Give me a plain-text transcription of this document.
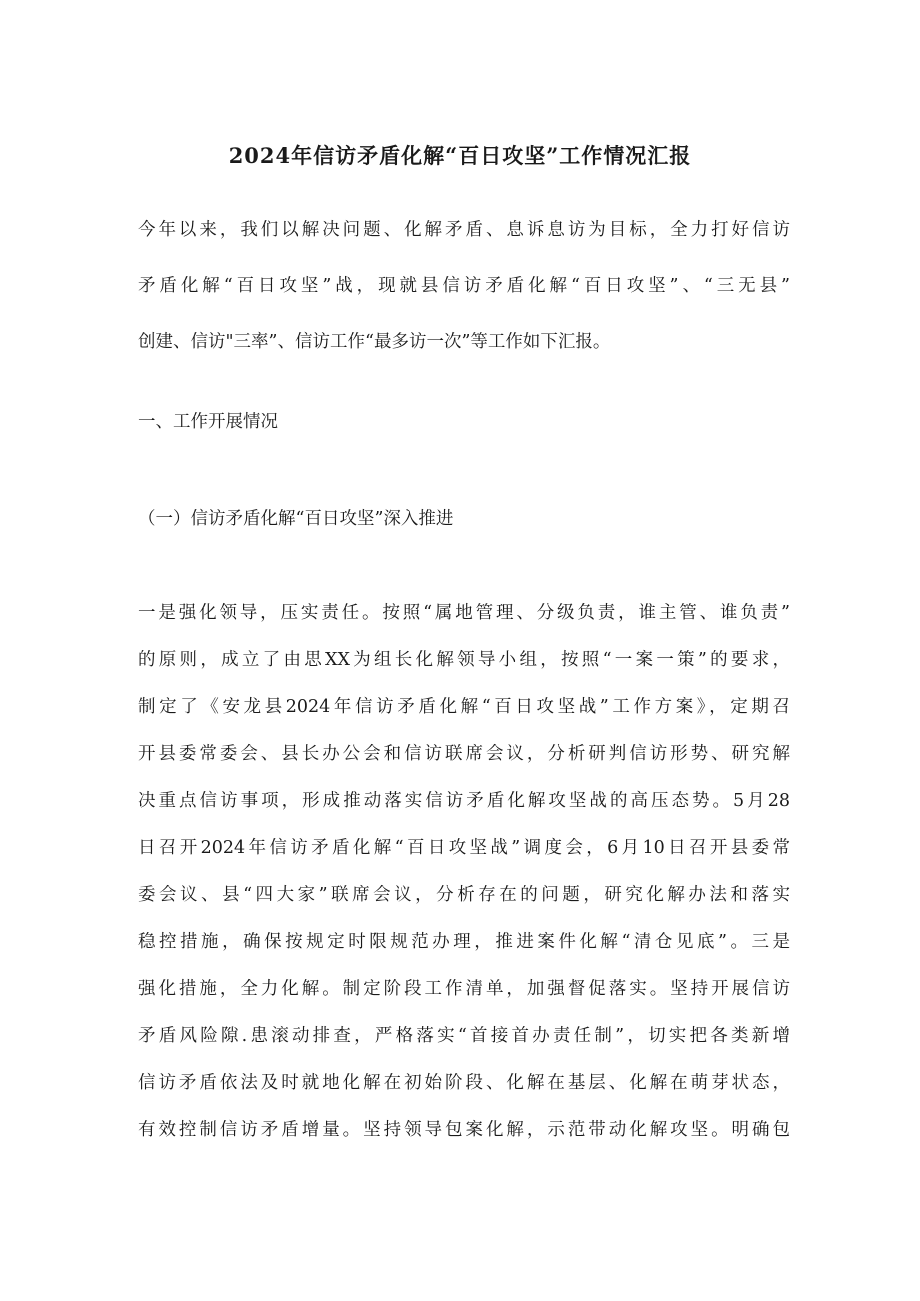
2024年信访矛盾化解“百日攻坚”工作情况汇报
今年以来，我们以解决问题、化解矛盾、息诉息访为目标，全力打好信访
矛盾化解“百日攻坚”战，现就县信访矛盾化解“百日攻坚”、“三无县”
创建、信访"三率”、信访工作“最多访一次”等工作如下汇报。

一、工作开展情况

（一）信访矛盾化解“百日攻坚”深入推进

一是强化领导，压实责任。按照“属地管理、分级负责，谁主管、谁负责”
的原则，成立了由思XX为组长化解领导小组，按照“一案一策”的要求，
制定了《安龙县2024年信访矛盾化解“百日攻坚战”工作方案》，定期召
开县委常委会、县长办公会和信访联席会议，分析研判信访形势、研究解
决重点信访事项，形成推动落实信访矛盾化解攻坚战的高压态势。5月28
日召开2024年信访矛盾化解“百日攻坚战”调度会，6月10日召开县委常
委会议、县“四大家”联席会议，分析存在的问题，研究化解办法和落实
稳控措施，确保按规定时限规范办理，推进案件化解“清仓见底”。三是
强化措施，全力化解。制定阶段工作清单，加强督促落实。坚持开展信访
矛盾风险隙.患滚动排查，严格落实“首接首办责任制”，切实把各类新增
信访矛盾依法及时就地化解在初始阶段、化解在基层、化解在萌芽状态，
有效控制信访矛盾增量。坚持领导包案化解，示范带动化解攻坚。明确包
